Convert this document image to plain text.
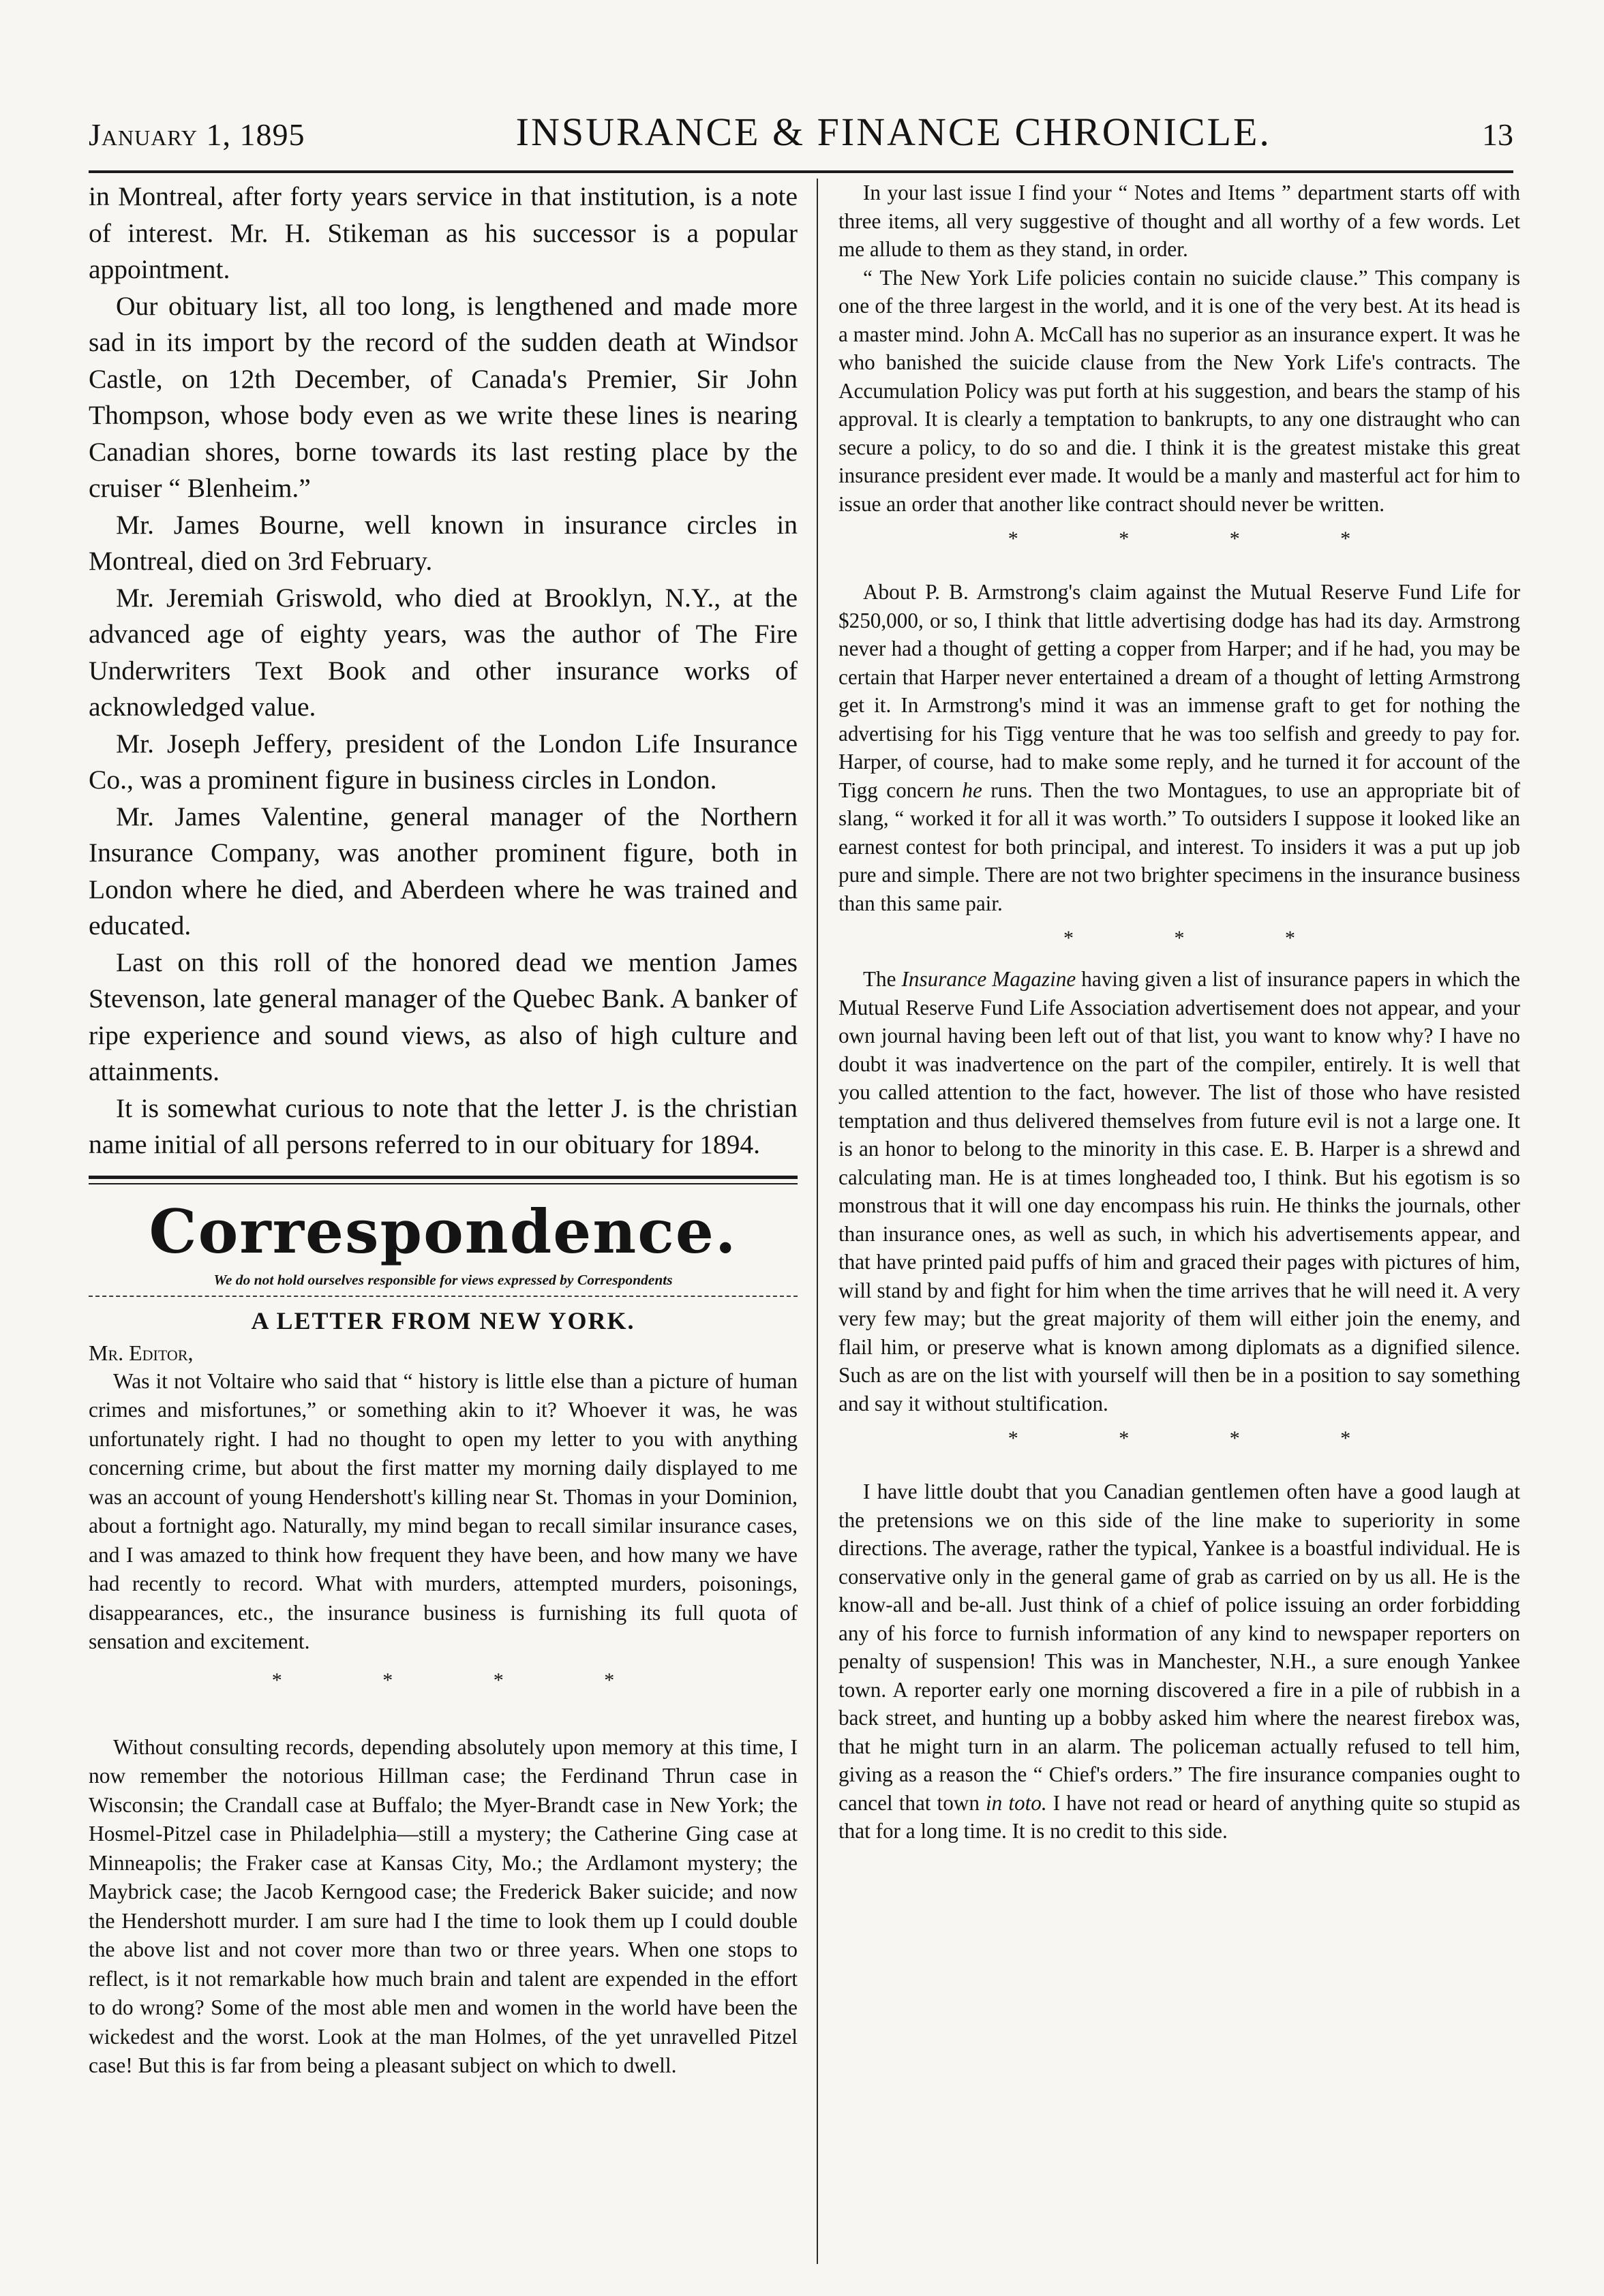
January 1, 1895	INSURANCE & FINANCE CHRONICLE.	13

in Montreal, after forty years service in that institution, is a note of interest. Mr. H. Stikeman as his successor is a popular appointment.

Our obituary list, all too long, is lengthened and made more sad in its import by the record of the sudden death at Windsor Castle, on 12th December, of Canada's Premier, Sir John Thompson, whose body even as we write these lines is nearing Canadian shores, borne towards its last resting place by the cruiser “ Blenheim.”

Mr. James Bourne, well known in insurance circles in Montreal, died on 3rd February.

Mr. Jeremiah Griswold, who died at Brooklyn, N.Y., at the advanced age of eighty years, was the author of The Fire Underwriters Text Book and other insurance works of acknowledged value.

Mr. Joseph Jeffery, president of the London Life Insurance Co., was a prominent figure in business circles in London.

Mr. James Valentine, general manager of the Northern Insurance Company, was another prominent figure, both in London where he died, and Aberdeen where he was trained and educated.

Last on this roll of the honored dead we mention James Stevenson, late general manager of the Quebec Bank. A banker of ripe experience and sound views, as also of high culture and attainments.

It is somewhat curious to note that the letter J. is the christian name initial of all persons referred to in our obituary for 1894.

Correspondence.
We do not hold ourselves responsible for views expressed by Correspondents
A LETTER FROM NEW YORK.
Mr. Editor,

Was it not Voltaire who said that “ history is little else than a picture of human crimes and misfortunes,” or something akin to it? Whoever it was, he was unfortunately right. I had no thought to open my letter to you with anything concerning crime, but about the first matter my morning daily displayed to me was an account of young Hendershott's killing near St. Thomas in your Dominion, about a fortnight ago. Naturally, my mind began to recall similar insurance cases, and I was amazed to think how frequent they have been, and how many we have had recently to record. What with murders, attempted murders, poisonings, disappearances, etc., the insurance business is furnishing its full quota of sensation and excitement.

* * * *

Without consulting records, depending absolutely upon memory at this time, I now remember the notorious Hillman case; the Ferdinand Thrun case in Wisconsin; the Crandall case at Buffalo; the Myer-Brandt case in New York; the Hosmel-Pitzel case in Philadelphia—still a mystery; the Catherine Ging case at Minneapolis; the Fraker case at Kansas City, Mo.; the Ardlamont mystery; the Maybrick case; the Jacob Kerngood case; the Frederick Baker suicide; and now the Hendershott murder. I am sure had I the time to look them up I could double the above list and not cover more than two or three years. When one stops to reflect, is it not remarkable how much brain and talent are expended in the effort to do wrong? Some of the most able men and women in the world have been the wickedest and the worst. Look at the man Holmes, of the yet unravelled Pitzel case! But this is far from being a pleasant subject on which to dwell.

In your last issue I find your “ Notes and Items ” department starts off with three items, all very suggestive of thought and all worthy of a few words. Let me allude to them as they stand, in order.

“ The New York Life policies contain no suicide clause.” This company is one of the three largest in the world, and it is one of the very best. At its head is a master mind. John A. McCall has no superior as an insurance expert. It was he who banished the suicide clause from the New York Life's contracts. The Accumulation Policy was put forth at his suggestion, and bears the stamp of his approval. It is clearly a temptation to bankrupts, to any one distraught who can secure a policy, to do so and die. I think it is the greatest mistake this great insurance president ever made. It would be a manly and masterful act for him to issue an order that another like contract should never be written.

* * * *

About P. B. Armstrong's claim against the Mutual Reserve Fund Life for $250,000, or so, I think that little advertising dodge has had its day. Armstrong never had a thought of getting a copper from Harper; and if he had, you may be certain that Harper never entertained a dream of a thought of letting Armstrong get it. In Armstrong's mind it was an immense graft to get for nothing the advertising for his Tigg venture that he was too selfish and greedy to pay for. Harper, of course, had to make some reply, and he turned it for account of the Tigg concern he runs. Then the two Montagues, to use an appropriate bit of slang, “ worked it for all it was worth.” To outsiders I suppose it looked like an earnest contest for both principal, and interest. To insiders it was a put up job pure and simple. There are not two brighter specimens in the insurance business than this same pair.

* * *

The Insurance Magazine having given a list of insurance papers in which the Mutual Reserve Fund Life Association advertisement does not appear, and your own journal having been left out of that list, you want to know why? I have no doubt it was inadvertence on the part of the compiler, entirely. It is well that you called attention to the fact, however. The list of those who have resisted temptation and thus delivered themselves from future evil is not a large one. It is an honor to belong to the minority in this case. E. B. Harper is a shrewd and calculating man. He is at times longheaded too, I think. But his egotism is so monstrous that it will one day encompass his ruin. He thinks the journals, other than insurance ones, as well as such, in which his advertisements appear, and that have printed paid puffs of him and graced their pages with pictures of him, will stand by and fight for him when the time arrives that he will need it. A very very few may; but the great majority of them will either join the enemy, and flail him, or preserve what is known among diplomats as a dignified silence. Such as are on the list with yourself will then be in a position to say something and say it without stultification.

* * * *

I have little doubt that you Canadian gentlemen often have a good laugh at the pretensions we on this side of the line make to superiority in some directions. The average, rather the typical, Yankee is a boastful individual. He is conservative only in the general game of grab as carried on by us all. He is the know-all and be-all. Just think of a chief of police issuing an order forbidding any of his force to furnish information of any kind to newspaper reporters on penalty of suspension! This was in Manchester, N.H., a sure enough Yankee town. A reporter early one morning discovered a fire in a pile of rubbish in a back street, and hunting up a bobby asked him where the nearest firebox was, that he might turn in an alarm. The policeman actually refused to tell him, giving as a reason the “ Chief's orders.” The fire insurance companies ought to cancel that town in toto. I have not read or heard of anything quite so stupid as that for a long time. It is no credit to this side.
